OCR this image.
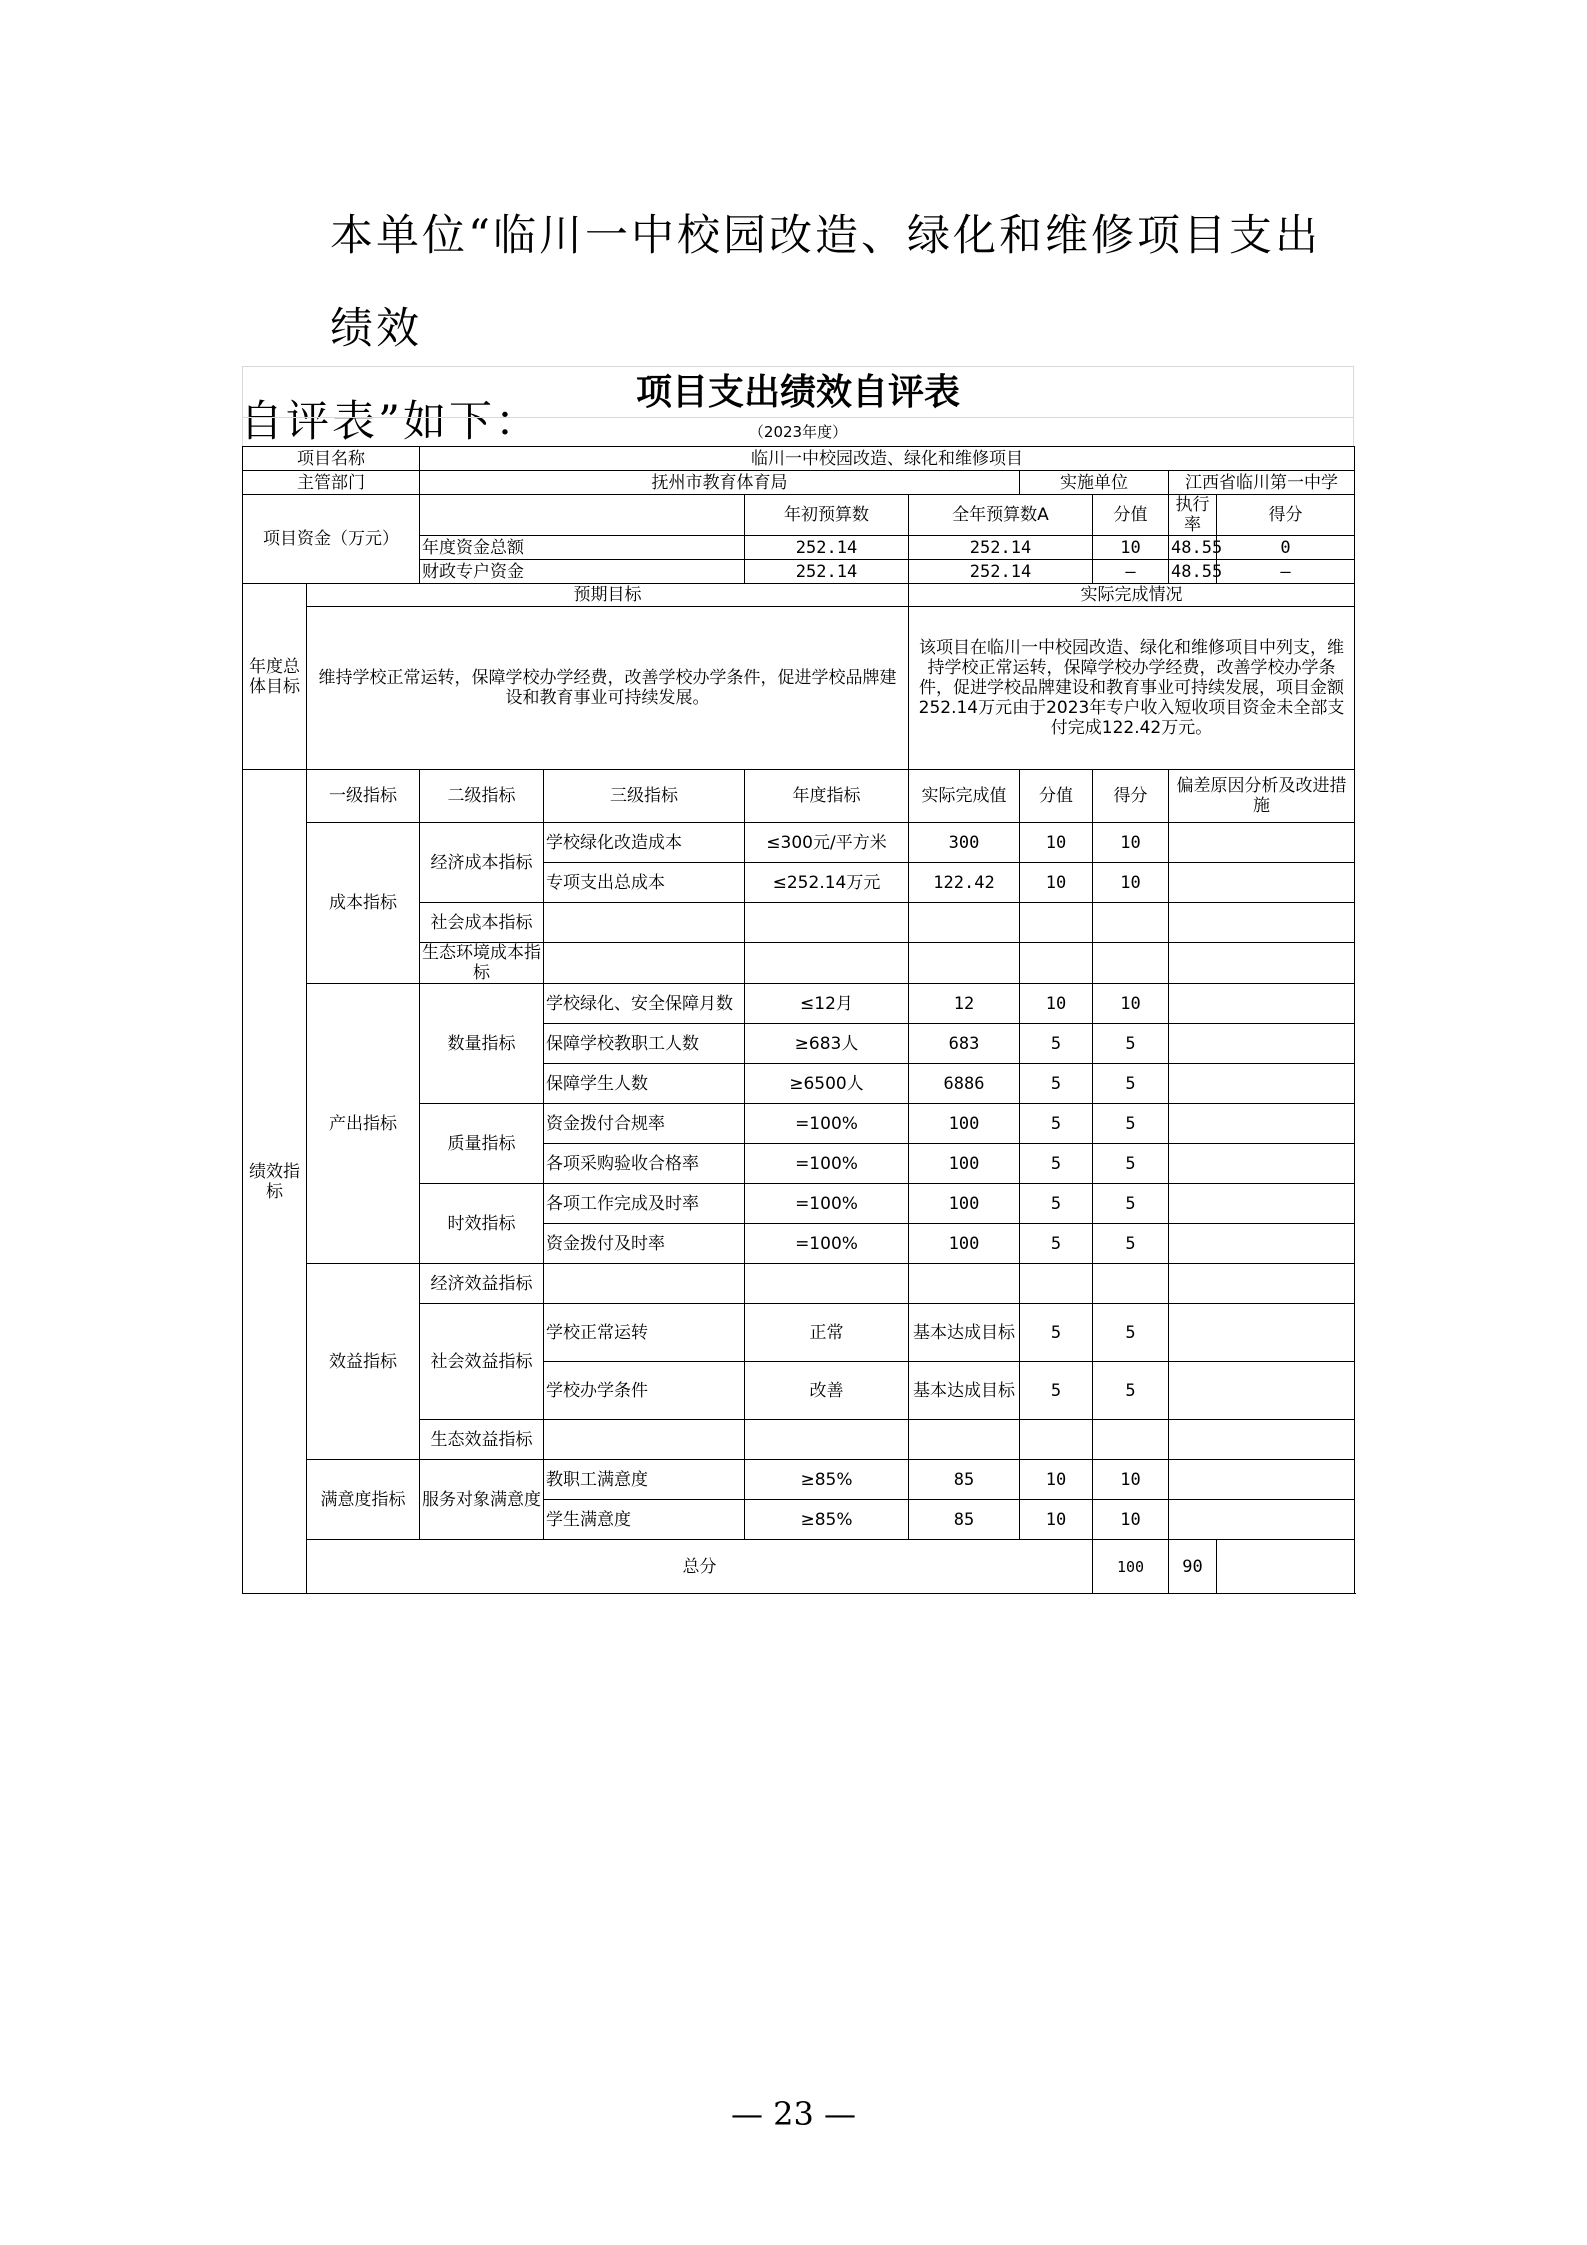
本单位“临川一中校园改造、绿化和维修项目支出绩效
自评表”如下：
项目支出绩效自评表
（2023年度）
项目名称		临川一中校园改造、绿化和维修项目							
主管部门		抚州市教育体育局				实施单位		江西省临川第一中学	
项目资金（万元）				年初预算数	全年预算数A		分值	执行率	得分
		年度资金总额		252.14	252.14		10	48.55	0
		财政专户资金		252.14	252.14		—	48.55	—
年度总体目标	预期目标				实际完成情况				
	维持学校正常运转，保障学校办学经费，改善学校办学条件，促进学校品牌建设和教育事业可持续发展。				该项目在临川一中校园改造、绿化和维修项目中列支，维持学校正常运转，保障学校办学经费，改善学校办学条件，促进学校品牌建设和教育事业可持续发展，项目金额252.14万元由于2023年专户收入短收项目资金未全部支付完成122.42万元。				
绩效指标	一级指标	二级指标	三级指标	年度指标	实际完成值	分值	得分	偏差原因分析及改进措施	
	成本指标	经济成本指标	学校绿化改造成本	≤300元/平方米	300	10	10		
			专项支出总成本	≤252.14万元	122.42	10	10		
		社会成本指标							
		生态环境成本指标							
	产出指标	数量指标	学校绿化、安全保障月数	≤12月	12	10	10		
			保障学校教职工人数	≥683人	683	5	5		
			保障学生人数	≥6500人	6886	5	5		
		质量指标	资金拨付合规率	=100%	100	5	5		
			各项采购验收合格率	=100%	100	5	5		
		时效指标	各项工作完成及时率	=100%	100	5	5		
			资金拨付及时率	=100%	100	5	5		
	效益指标	经济效益指标							
		社会效益指标	学校正常运转	正常	基本达成目标	5	5		
			学校办学条件	改善	基本达成目标	5	5		
		生态效益指标							
	满意度指标	服务对象满意度	教职工满意度	≥85%	85	10	10		
			学生满意度	≥85%	85	10	10		
	总分						100	90	
— 23 —
